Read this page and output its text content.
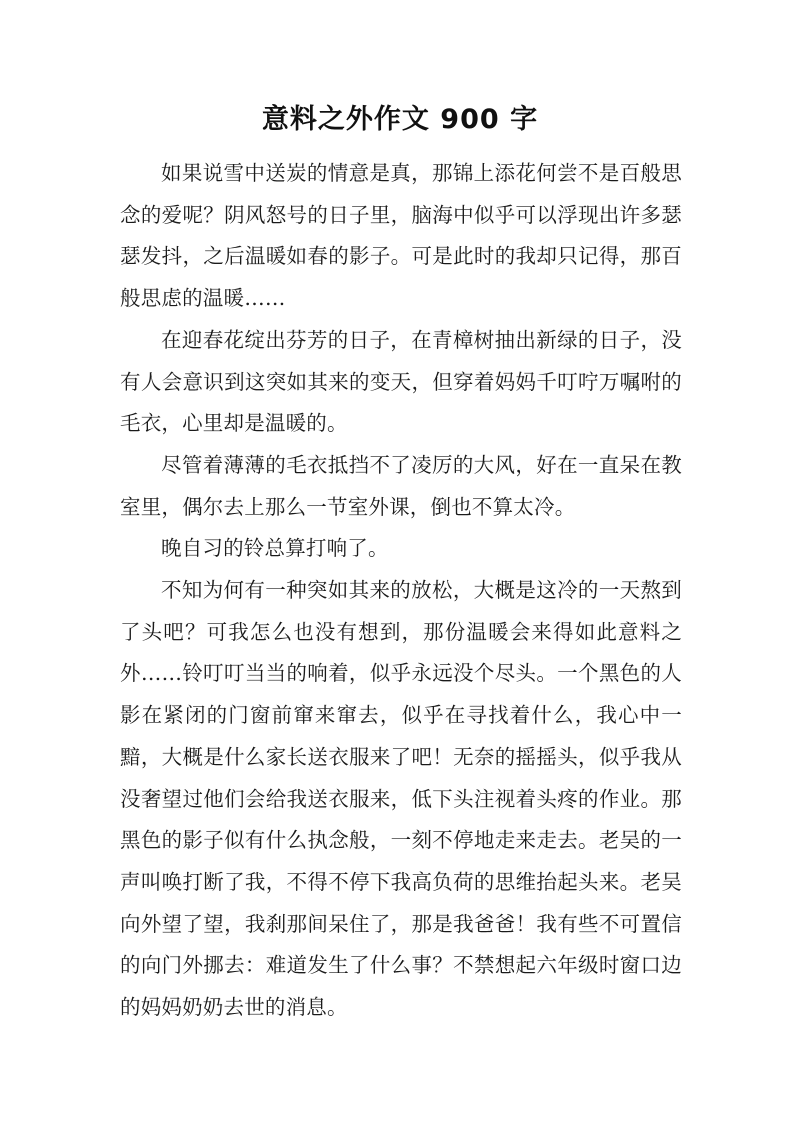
意料之外作文 900 字

如果说雪中送炭的情意是真，那锦上添花何尝不是百般思念的爱呢？阴风怒号的日子里，脑海中似乎可以浮现出许多瑟瑟发抖，之后温暖如春的影子。可是此时的我却只记得，那百般思虑的温暖……

在迎春花绽出芬芳的日子，在青樟树抽出新绿的日子，没有人会意识到这突如其来的变天，但穿着妈妈千叮咛万嘱咐的毛衣，心里却是温暖的。

尽管着薄薄的毛衣抵挡不了凌厉的大风，好在一直呆在教室里，偶尔去上那么一节室外课，倒也不算太冷。

晚自习的铃总算打响了。

不知为何有一种突如其来的放松，大概是这冷的一天熬到了头吧？可我怎么也没有想到，那份温暖会来得如此意料之外……铃叮叮当当的响着，似乎永远没个尽头。一个黑色的人影在紧闭的门窗前窜来窜去，似乎在寻找着什么，我心中一黯，大概是什么家长送衣服来了吧！无奈的摇摇头，似乎我从没奢望过他们会给我送衣服来，低下头注视着头疼的作业。那黑色的影子似有什么执念般，一刻不停地走来走去。老吴的一声叫唤打断了我，不得不停下我高负荷的思维抬起头来。老吴向外望了望，我刹那间呆住了，那是我爸爸！我有些不可置信的向门外挪去：难道发生了什么事？不禁想起六年级时窗口边的妈妈奶奶去世的消息。
